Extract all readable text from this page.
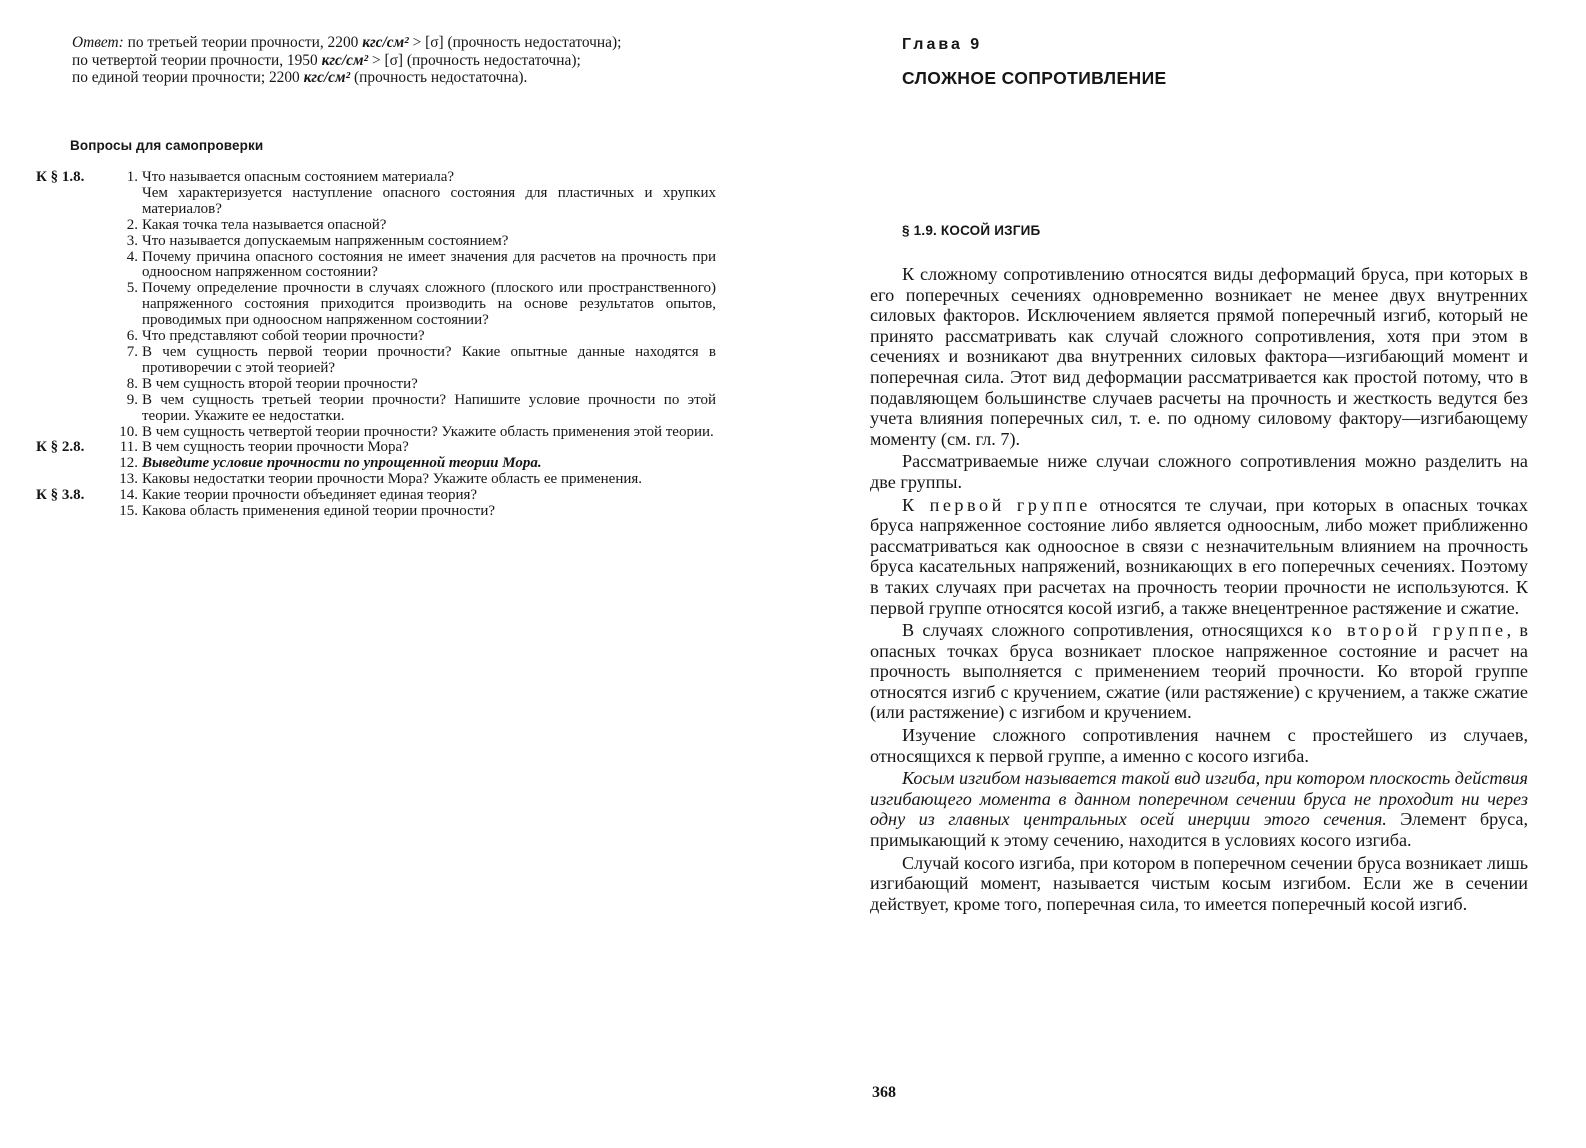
Ответ: по третьей теории прочности, 2200 кгс/см² > [σ] (прочность недостаточна);

по четвертой теории прочности, 1950 кгс/см² > [σ] (прочность недостаточна);

по единой теории прочности; 2200 кгс/см² (прочность недостаточна).

Вопросы для самопроверки
К § 1.8.	1. Что называется опасным состоянием материала?
Чем характеризуется наступление опасного состояния для пластичных и хрупких материалов?
2. Какая точка тела называется опасной?
3. Что называется допускаемым напряженным состоянием?
4. Почему причина опасного состояния не имеет значения для расчетов на прочность при одноосном напряженном состоянии?
5. Почему определение прочности в случаях сложного (плоского или пространственного) напряженного состояния приходится производить на основе результатов опытов, проводимых при одноосном напряженном состоянии?
6. Что представляют собой теории прочности?
7. В чем сущность первой теории прочности? Какие опытные данные находятся в противоречии с этой теорией?
8. В чем сущность второй теории прочности?
9. В чем сущность третьей теории прочности? Напишите условие прочности по этой теории. Укажите ее недостатки.
10. В чем сущность четвертой теории прочности? Укажите область применения этой теории.
К § 2.8.	11. В чем сущность теории прочности Мора?
12. Выведите условие прочности по упрощенной теории Мора.
13. Каковы недостатки теории прочности Мора? Укажите область ее применения.
К § 3.8.	14. Какие теории прочности объединяет единая теория?
15. Какова область применения единой теории прочности?
Глава 9
СЛОЖНОЕ СОПРОТИВЛЕНИЕ
§ 1.9. КОСОЙ ИЗГИБ

К сложному сопротивлению относятся виды деформаций бруса, при которых в его поперечных сечениях одновременно возникает не менее двух внутренних силовых факторов. Исключением является прямой поперечный изгиб, который не принято рассматривать как случай сложного сопротивления, хотя при этом в сечениях и возникают два внутренних силовых фактора—изгибающий момент и поперечная сила. Этот вид деформации рассматривается как простой потому, что в подавляющем большинстве случаев расчеты на прочность и жесткость ведутся без учета влияния поперечных сил, т. е. по одному силовому фактору—изгибающему моменту (см. гл. 7).

Рассматриваемые ниже случаи сложного сопротивления можно разделить на две группы.

К первой группе относятся те случаи, при которых в опасных точках бруса напряженное состояние либо является одноосным, либо может приближенно рассматриваться как одноосное в связи с незначительным влиянием на прочность бруса касательных напряжений, возникающих в его поперечных сечениях. Поэтому в таких случаях при расчетах на прочность теории прочности не используются. К первой группе относятся косой изгиб, а также внецентренное растяжение и сжатие.

В случаях сложного сопротивления, относящихся ко второй группе, в опасных точках бруса возникает плоское напряженное состояние и расчет на прочность выполняется с применением теорий прочности. Ко второй группе относятся изгиб с кручением, сжатие (или растяжение) с кручением, а также сжатие (или растяжение) с изгибом и кручением.

Изучение сложного сопротивления начнем с простейшего из случаев, относящихся к первой группе, а именно с косого изгиба.

Косым изгибом называется такой вид изгиба, при котором плоскость действия изгибающего момента в данном поперечном сечении бруса не проходит ни через одну из главных центральных осей инерции этого сечения. Элемент бруса, примыкающий к этому сечению, находится в условиях косого изгиба.

Случай косого изгиба, при котором в поперечном сечении бруса возникает лишь изгибающий момент, называется чистым косым изгибом. Если же в сечении действует, кроме того, поперечная сила, то имеется поперечный косой изгиб.

368
